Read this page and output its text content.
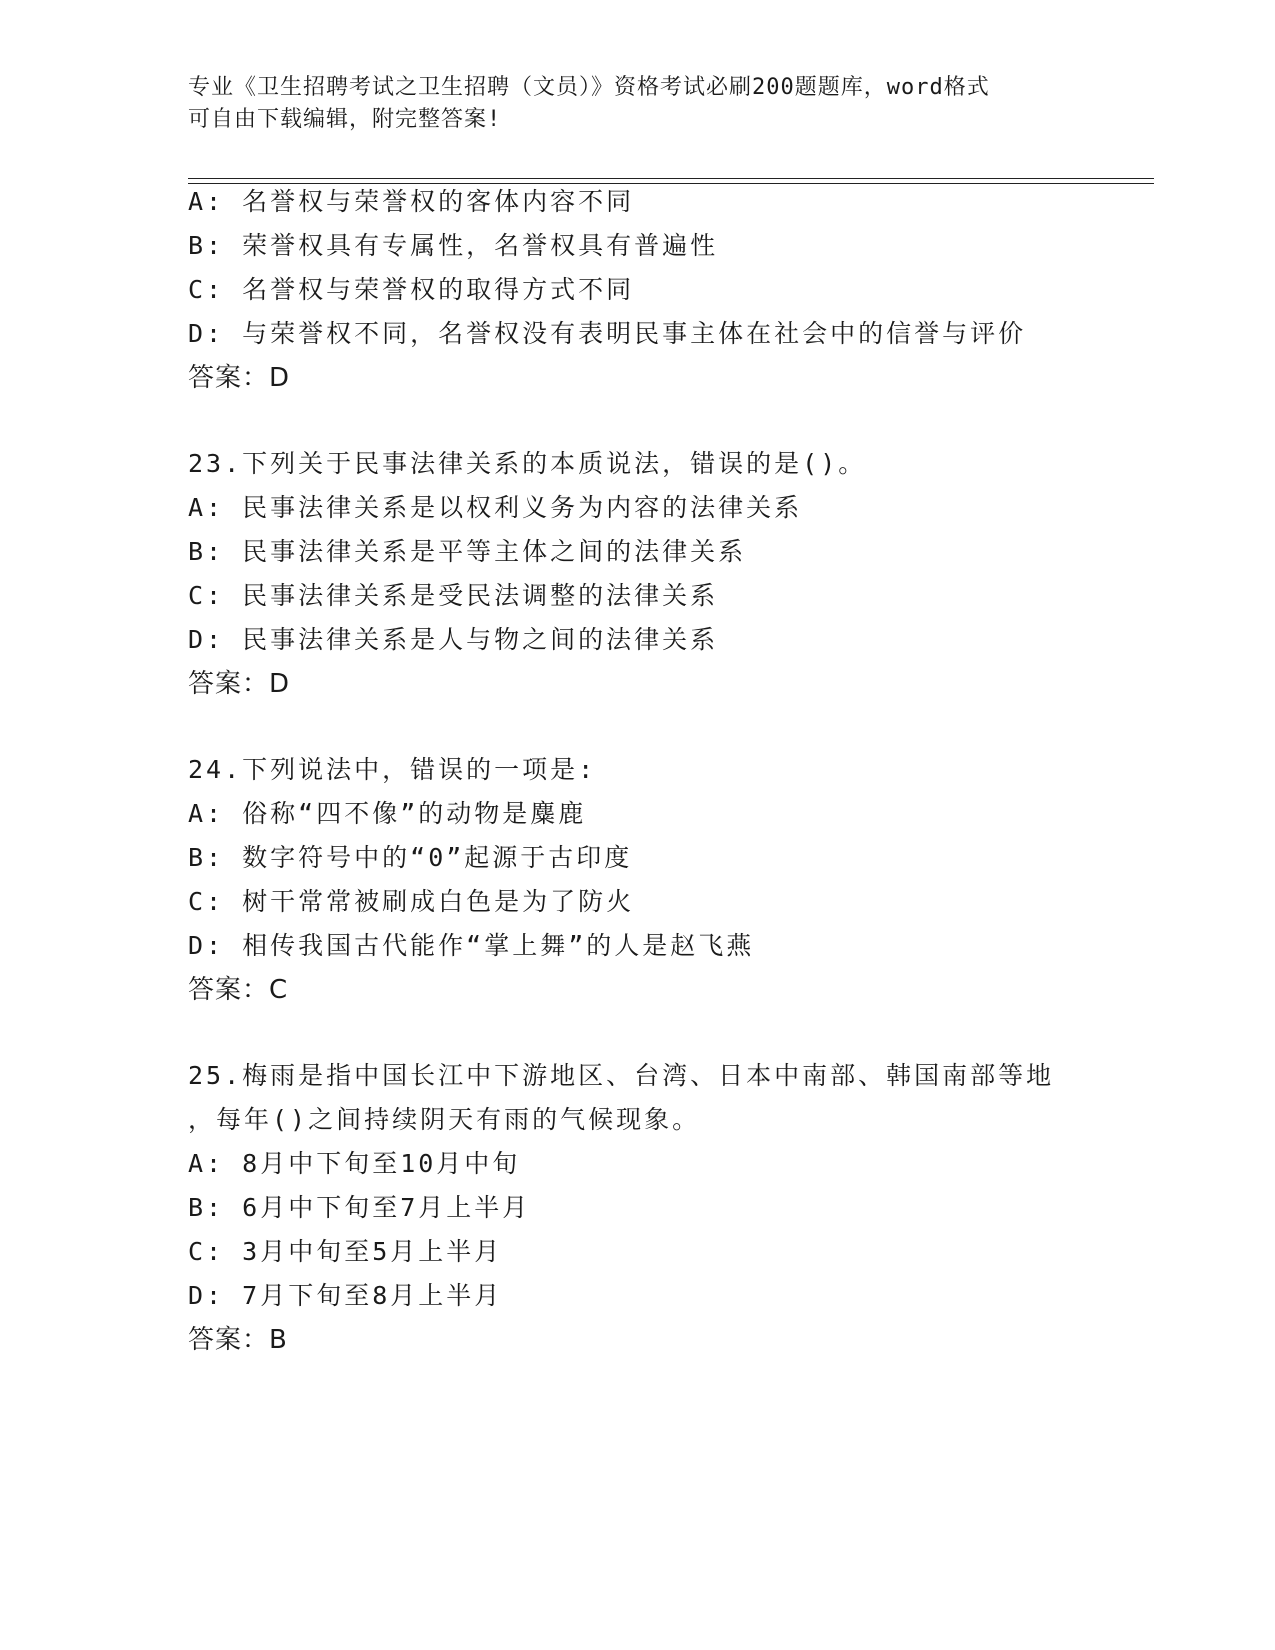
专业《卫生招聘考试之卫生招聘（文员）》资格考试必刷200题题库，word格式
可自由下载编辑，附完整答案!
A: 名誉权与荣誉权的客体内容不同
B: 荣誉权具有专属性，名誉权具有普遍性
C: 名誉权与荣誉权的取得方式不同
D: 与荣誉权不同，名誉权没有表明民事主体在社会中的信誉与评价
答案：D
23.下列关于民事法律关系的本质说法，错误的是()。
A: 民事法律关系是以权利义务为内容的法律关系
B: 民事法律关系是平等主体之间的法律关系
C: 民事法律关系是受民法调整的法律关系
D: 民事法律关系是人与物之间的法律关系
答案：D
24.下列说法中，错误的一项是:
A: 俗称“四不像”的动物是麋鹿
B: 数字符号中的“0”起源于古印度
C: 树干常常被刷成白色是为了防火
D: 相传我国古代能作“掌上舞”的人是赵飞燕
答案：C
25.梅雨是指中国长江中下游地区、台湾、日本中南部、韩国南部等地
，每年()之间持续阴天有雨的气候现象。
A: 8月中下旬至10月中旬
B: 6月中下旬至7月上半月
C: 3月中旬至5月上半月
D: 7月下旬至8月上半月
答案：B
